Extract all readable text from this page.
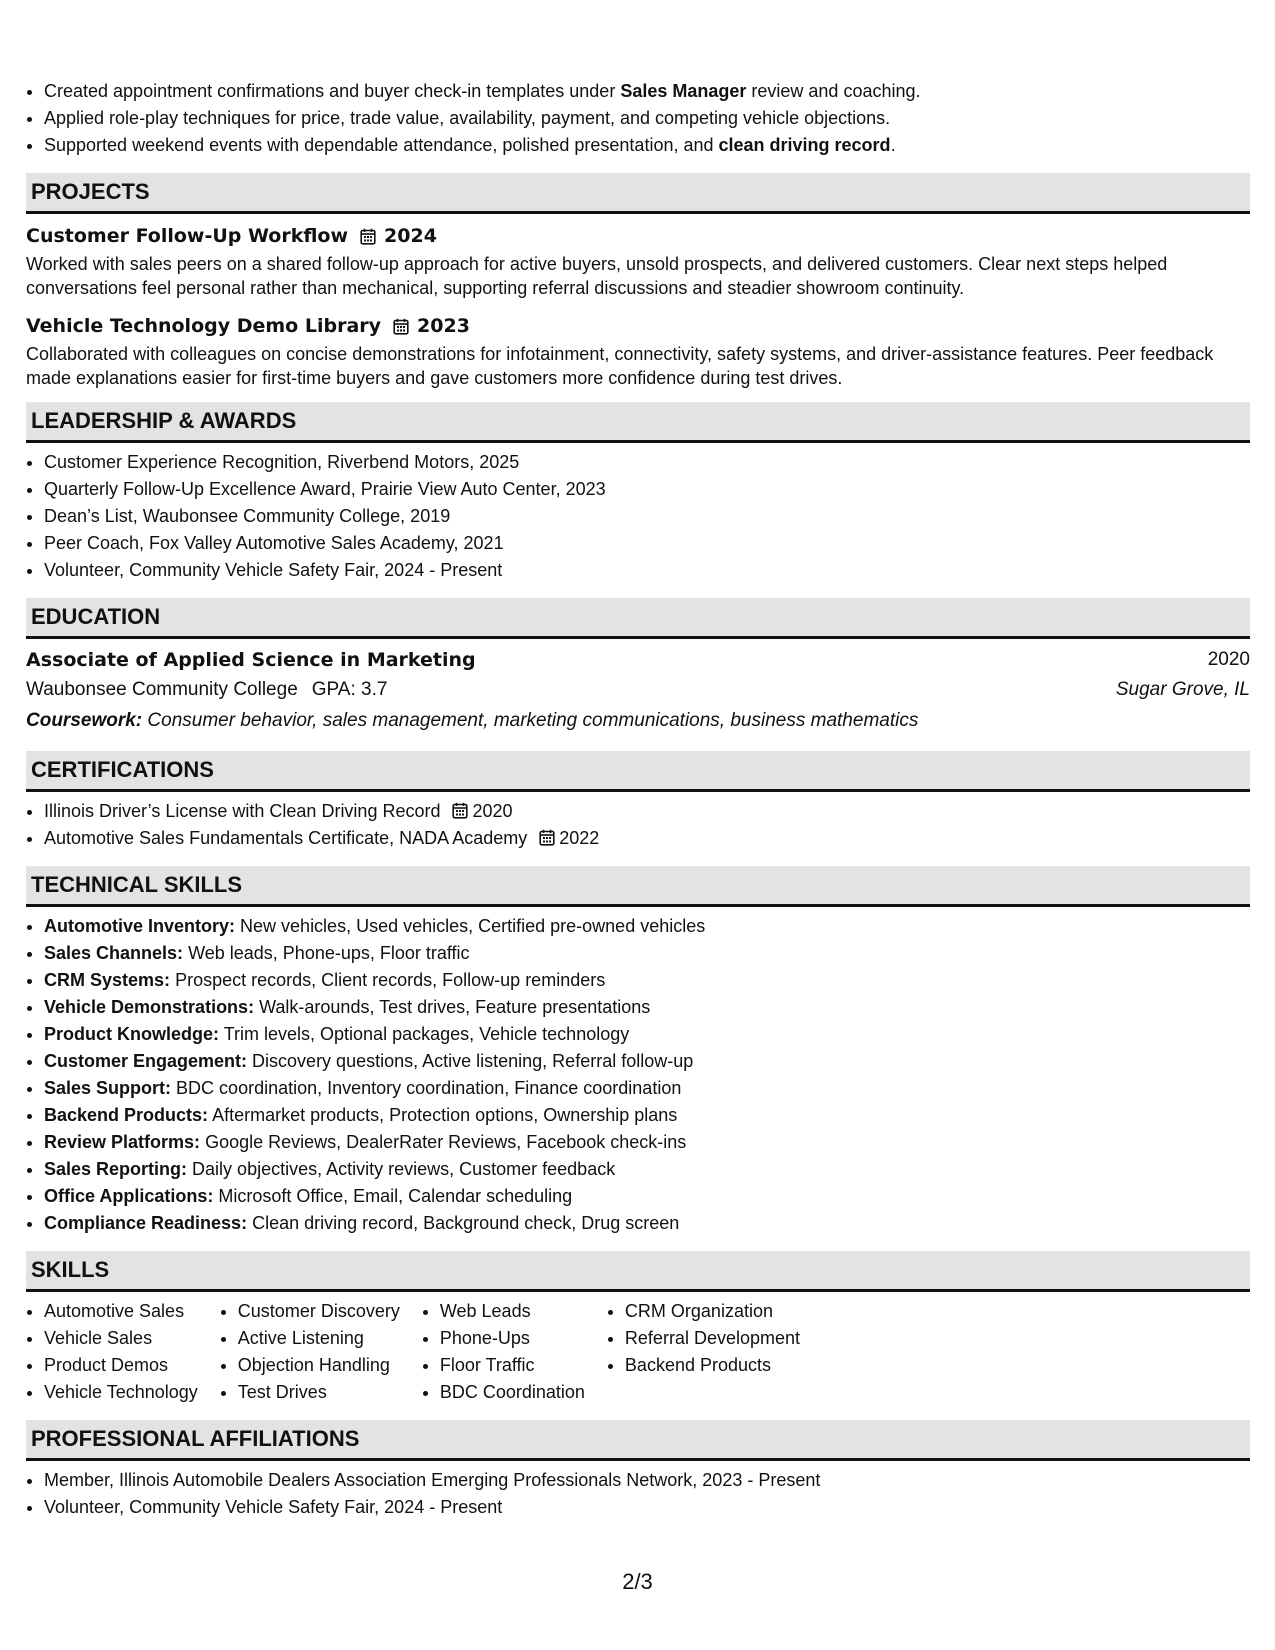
• Created appointment confirmations and buyer check-in templates under Sales Manager review and coaching.
• Applied role-play techniques for price, trade value, availability, payment, and competing vehicle objections.
• Supported weekend events with dependable attendance, polished presentation, and clean driving record.
PROJECTS
Customer Follow-Up Workflow 2024
Worked with sales peers on a shared follow-up approach for active buyers, unsold prospects, and delivered customers. Clear next steps helped conversations feel personal rather than mechanical, supporting referral discussions and steadier showroom continuity.
Vehicle Technology Demo Library 2023
Collaborated with colleagues on concise demonstrations for infotainment, connectivity, safety systems, and driver-assistance features. Peer feedback made explanations easier for first-time buyers and gave customers more confidence during test drives.
LEADERSHIP & AWARDS
• Customer Experience Recognition, Riverbend Motors, 2025
• Quarterly Follow-Up Excellence Award, Prairie View Auto Center, 2023
• Dean’s List, Waubonsee Community College, 2019
• Peer Coach, Fox Valley Automotive Sales Academy, 2021
• Volunteer, Community Vehicle Safety Fair, 2024 - Present
EDUCATION
Associate of Applied Science in Marketing	2020
Waubonsee Community College GPA: 3.7	Sugar Grove, IL
Coursework: Consumer behavior, sales management, marketing communications, business mathematics
CERTIFICATIONS
• Illinois Driver’s License with Clean Driving Record 2020
• Automotive Sales Fundamentals Certificate, NADA Academy 2022
TECHNICAL SKILLS
• Automotive Inventory: New vehicles, Used vehicles, Certified pre-owned vehicles
• Sales Channels: Web leads, Phone-ups, Floor traffic
• CRM Systems: Prospect records, Client records, Follow-up reminders
• Vehicle Demonstrations: Walk-arounds, Test drives, Feature presentations
• Product Knowledge: Trim levels, Optional packages, Vehicle technology
• Customer Engagement: Discovery questions, Active listening, Referral follow-up
• Sales Support: BDC coordination, Inventory coordination, Finance coordination
• Backend Products: Aftermarket products, Protection options, Ownership plans
• Review Platforms: Google Reviews, DealerRater Reviews, Facebook check-ins
• Sales Reporting: Daily objectives, Activity reviews, Customer feedback
• Office Applications: Microsoft Office, Email, Calendar scheduling
• Compliance Readiness: Clean driving record, Background check, Drug screen
SKILLS
• Automotive Sales
• Vehicle Sales
• Product Demos
• Vehicle Technology
• Customer Discovery
• Active Listening
• Objection Handling
• Test Drives
• Web Leads
• Phone-Ups
• Floor Traffic
• BDC Coordination
• CRM Organization
• Referral Development
• Backend Products
PROFESSIONAL AFFILIATIONS
• Member, Illinois Automobile Dealers Association Emerging Professionals Network, 2023 - Present
• Volunteer, Community Vehicle Safety Fair, 2024 - Present
2/3
